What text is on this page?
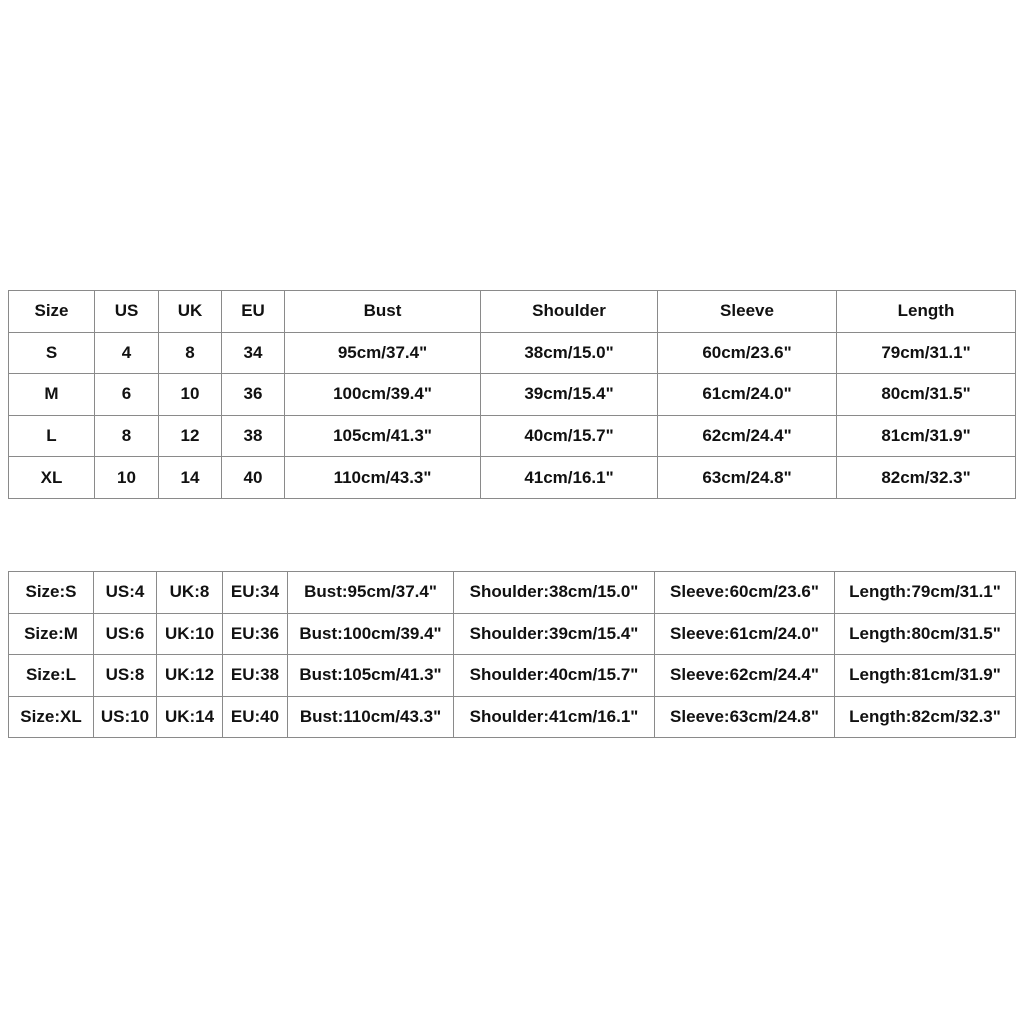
Size	US	UK	EU	Bust	Shoulder	Sleeve	Length
S	4	8	34	95cm/37.4"	38cm/15.0"	60cm/23.6"	79cm/31.1"
M	6	10	36	100cm/39.4"	39cm/15.4"	61cm/24.0"	80cm/31.5"
L	8	12	38	105cm/41.3"	40cm/15.7"	62cm/24.4"	81cm/31.9"
XL	10	14	40	110cm/43.3"	41cm/16.1"	63cm/24.8"	82cm/32.3"
Size:S	US:4	UK:8	EU:34	Bust:95cm/37.4"	Shoulder:38cm/15.0"	Sleeve:60cm/23.6"	Length:79cm/31.1"
Size:M	US:6	UK:10	EU:36	Bust:100cm/39.4"	Shoulder:39cm/15.4"	Sleeve:61cm/24.0"	Length:80cm/31.5"
Size:L	US:8	UK:12	EU:38	Bust:105cm/41.3"	Shoulder:40cm/15.7"	Sleeve:62cm/24.4"	Length:81cm/31.9"
Size:XL	US:10	UK:14	EU:40	Bust:110cm/43.3"	Shoulder:41cm/16.1"	Sleeve:63cm/24.8"	Length:82cm/32.3"
